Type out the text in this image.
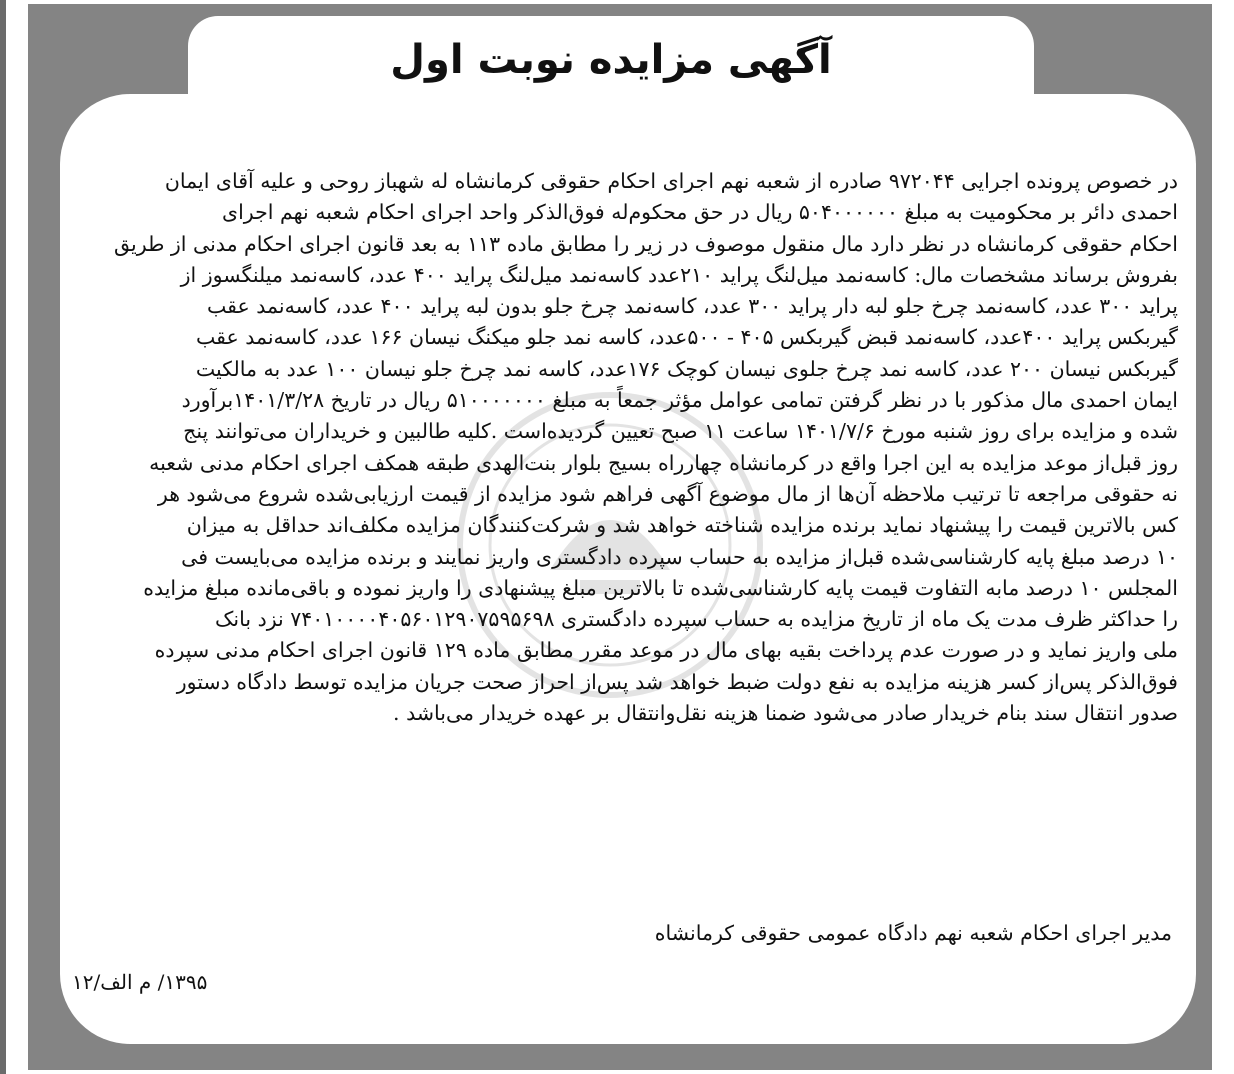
آگهی مزایده نوبت اول
در خصوص پرونده اجرایی ۹۷۲۰۴۴ صادره از شعبه نهم اجرای احکام حقوقی کرمانشاه له شهباز روحی و علیه آقای ایمان
احمدی دائر بر محکومیت به مبلغ ۵۰۴۰۰۰۰۰۰ ریال در حق محکوم‌له فوق‌الذکر واحد اجرای احکام شعبه نهم اجرای
احکام حقوقی کرمانشاه در نظر دارد مال منقول موصوف در زیر را مطابق ماده ۱۱۳ به بعد قانون اجرای احکام مدنی از طریق
بفروش برساند مشخصات مال: کاسه‌نمد میل‌لنگ پراید ۲۱۰عدد کاسه‌نمد میل‌لنگ پراید ۴۰۰ عدد، کاسه‌نمد میلنگسوز از
پراید ۳۰۰ عدد، کاسه‌نمد چرخ جلو لبه دار پراید ۳۰۰ عدد، کاسه‌نمد چرخ جلو بدون لبه پراید ۴۰۰ عدد، کاسه‌نمد عقب
گیربکس پراید ۴۰۰عدد، کاسه‌نمد قبض گیربکس ۴۰۵ - ۵۰۰عدد، کاسه نمد جلو میکنگ نیسان ۱۶۶ عدد، کاسه‌نمد عقب
گیربکس نیسان ۲۰۰ عدد، کاسه نمد چرخ جلوی نیسان کوچک ۱۷۶عدد، کاسه نمد چرخ جلو نیسان ۱۰۰ عدد به مالکیت
ایمان احمدی مال مذکور با در نظر گرفتن تمامی عوامل مؤثر جمعاً به مبلغ ۵۱۰۰۰۰۰۰۰ ریال در تاریخ ۱۴۰۱/۳/۲۸برآورد
شده و مزایده برای روز شنبه مورخ ۱۴۰۱/۷/۶ ساعت ۱۱ صبح تعیین گردیده‌است .کلیه طالبین و خریداران می‌توانند پنج
روز قبل‌از موعد مزایده به این اجرا واقع در کرمانشاه چهارراه بسیج بلوار بنت‌الهدی طبقه همکف اجرای احکام مدنی شعبه
نه حقوقی مراجعه تا ترتیب ملاحظه آن‌ها از مال موضوع آگهی فراهم شود مزایده از قیمت ارزیابی‌شده شروع می‌شود هر
کس بالاترین قیمت را پیشنهاد نماید برنده مزایده شناخته خواهد شد و شرکت‌کنندگان مزایده مکلف‌اند حداقل به میزان
۱۰ درصد مبلغ پایه کارشناسی‌شده قبل‌از مزایده به حساب سپرده دادگستری واریز نمایند و برنده مزایده می‌بایست فی
المجلس ۱۰ درصد مابه التفاوت قیمت پایه کارشناسی‌شده تا بالاترین مبلغ پیشنهادی را واریز نموده و باقی‌مانده مبلغ مزایده
را حداکثر ظرف مدت یک ماه از تاریخ مزایده به حساب سپرده دادگستری ۷۴۰۱۰۰۰۰۴۰۵۶۰۱۲۹۰۷۵۹۵۶۹۸ نزد بانک
ملی واریز نماید و در صورت عدم پرداخت بقیه بهای مال در موعد مقرر مطابق ماده ۱۲۹ قانون اجرای احکام مدنی سپرده
فوق‌الذکر پس‌از کسر هزینه مزایده به نفع دولت ضبط خواهد شد پس‌از احراز صحت جریان مزایده توسط دادگاه دستور
صدور انتقال سند بنام خریدار صادر می‌شود ضمنا هزینه نقل‌وانتقال بر عهده خریدار می‌باشد .
مدیر اجرای احکام شعبه نهم دادگاه عمومی حقوقی کرمانشاه
۱۳۹۵/ م الف/۱۲
